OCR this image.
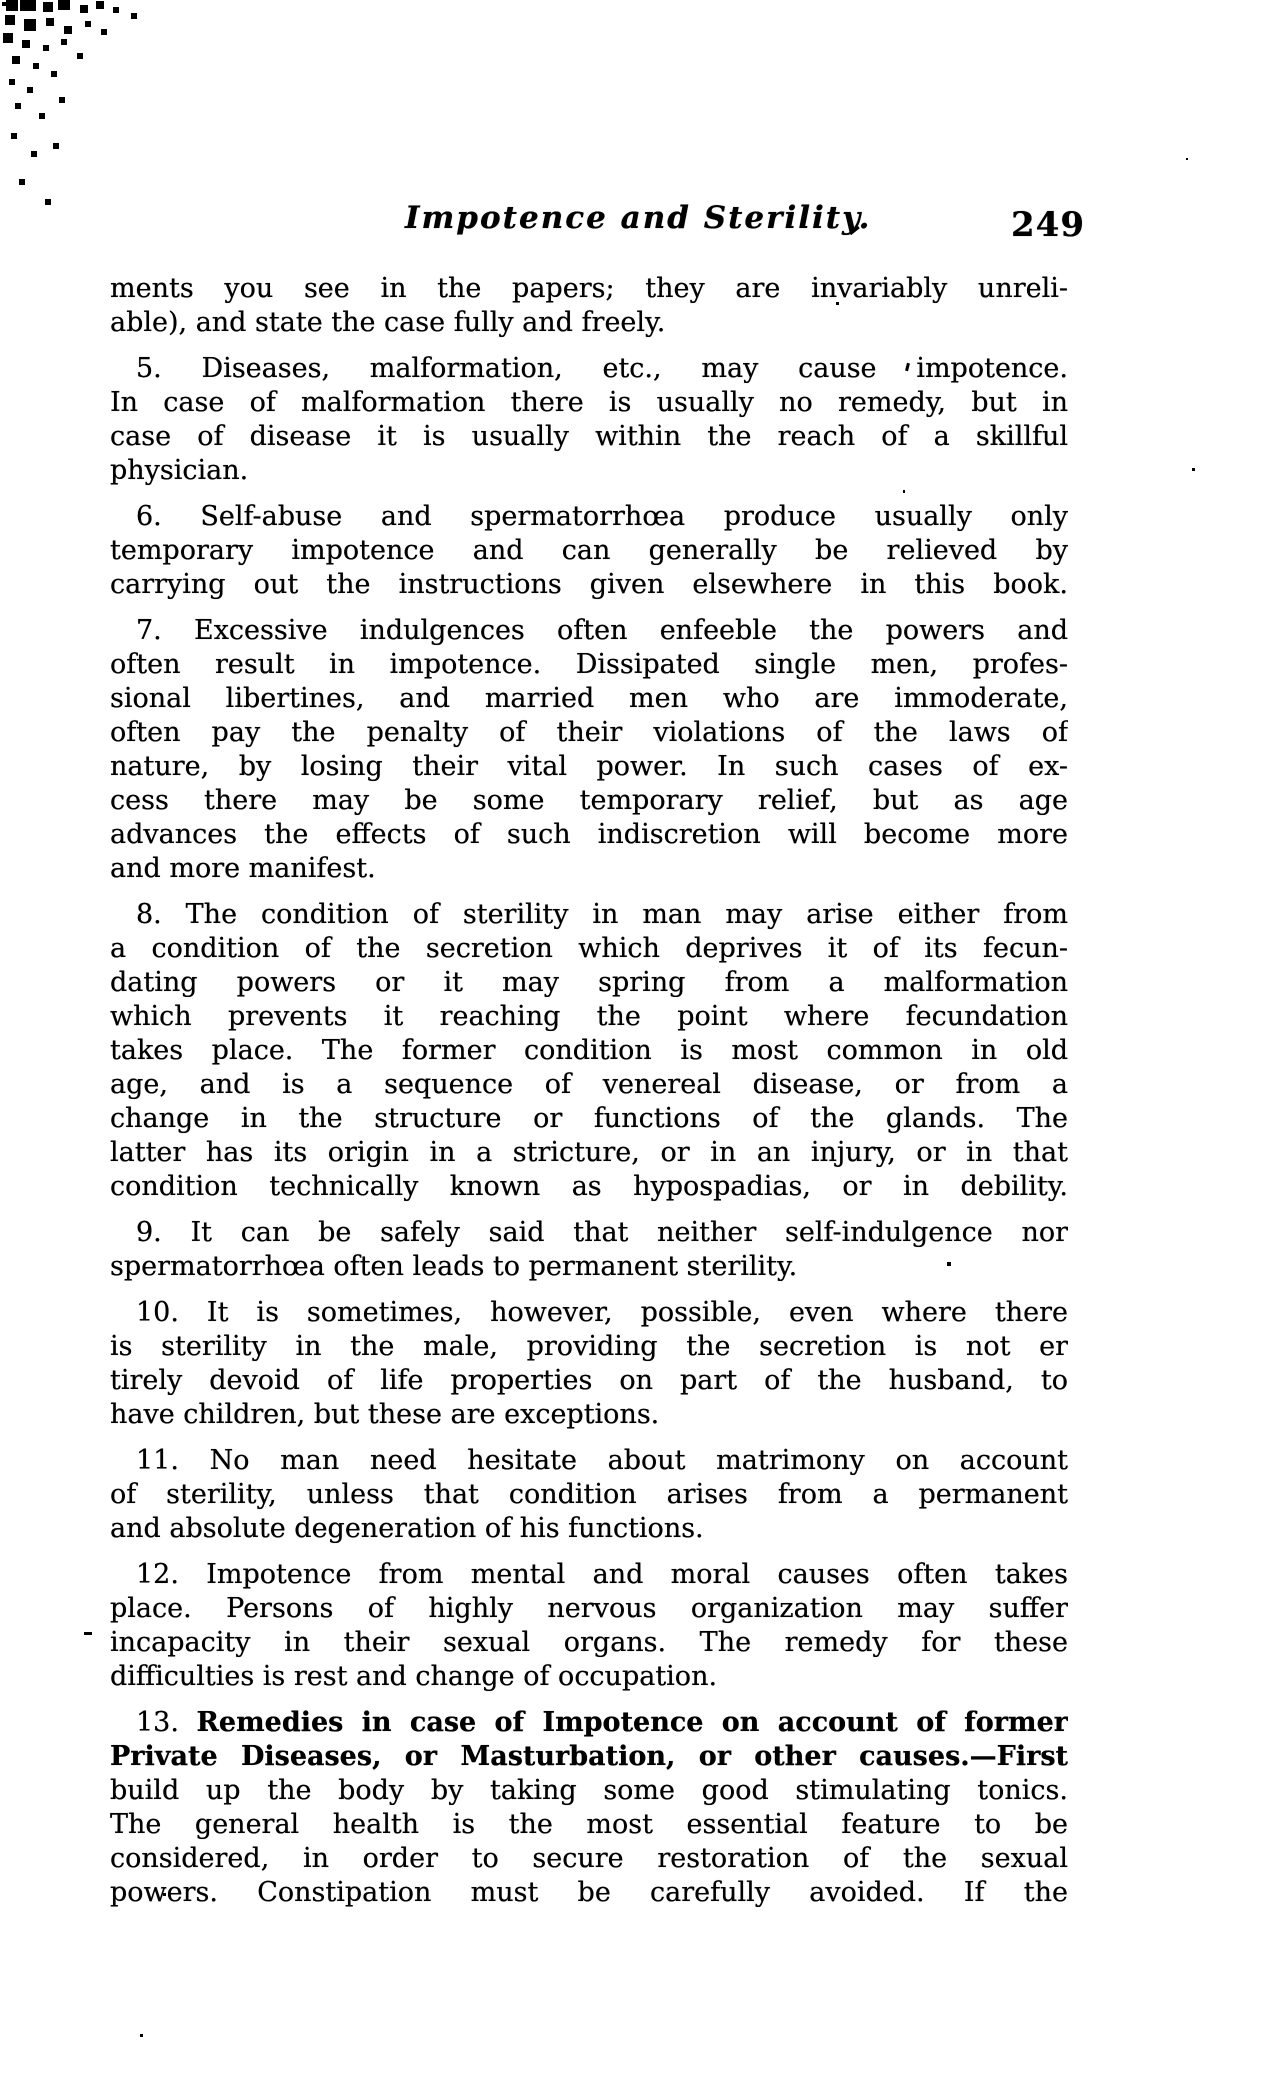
Impotence and Sterility.	249
ments you see in the papers; they are invariably unreli-
able), and state the case fully and freely.
5. Diseases, malformation, etc., may cause impotence.
In case of malformation there is usually no remedy, but in
case of disease it is usually within the reach of a skillful
physician.
6. Self-abuse and spermatorrhœa produce usually only
temporary impotence and can generally be relieved by
carrying out the instructions given elsewhere in this book.
7. Excessive indulgences often enfeeble the powers and
often result in impotence. Dissipated single men, profes-
sional libertines, and married men who are immoderate,
often pay the penalty of their violations of the laws of
nature, by losing their vital power. In such cases of ex-
cess there may be some temporary relief, but as age
advances the effects of such indiscretion will become more
and more manifest.
8. The condition of sterility in man may arise either from
a condition of the secretion which deprives it of its fecun-
dating powers or it may spring from a malformation
which prevents it reaching the point where fecundation
takes place. The former condition is most common in old
age, and is a sequence of venereal disease, or from a
change in the structure or functions of the glands. The
latter has its origin in a stricture, or in an injury, or in that
condition technically known as hypospadias, or in debility.
9. It can be safely said that neither self-indulgence nor
spermatorrhœa often leads to permanent sterility.
10. It is sometimes, however, possible, even where there
is sterility in the male, providing the secretion is not er
tirely devoid of life properties on part of the husband, to
have children, but these are exceptions.
11. No man need hesitate about matrimony on account
of sterility, unless that condition arises from a permanent
and absolute degeneration of his functions.
12. Impotence from mental and moral causes often takes
place. Persons of highly nervous organization may suffer
incapacity in their sexual organs. The remedy for these
difficulties is rest and change of occupation.
13. Remedies in case of Impotence on account of former
Private Diseases, or Masturbation, or other causes.—First
build up the body by taking some good stimulating tonics.
The general health is the most essential feature to be
considered, in order to secure restoration of the sexual
powers. Constipation must be carefully avoided. If the
